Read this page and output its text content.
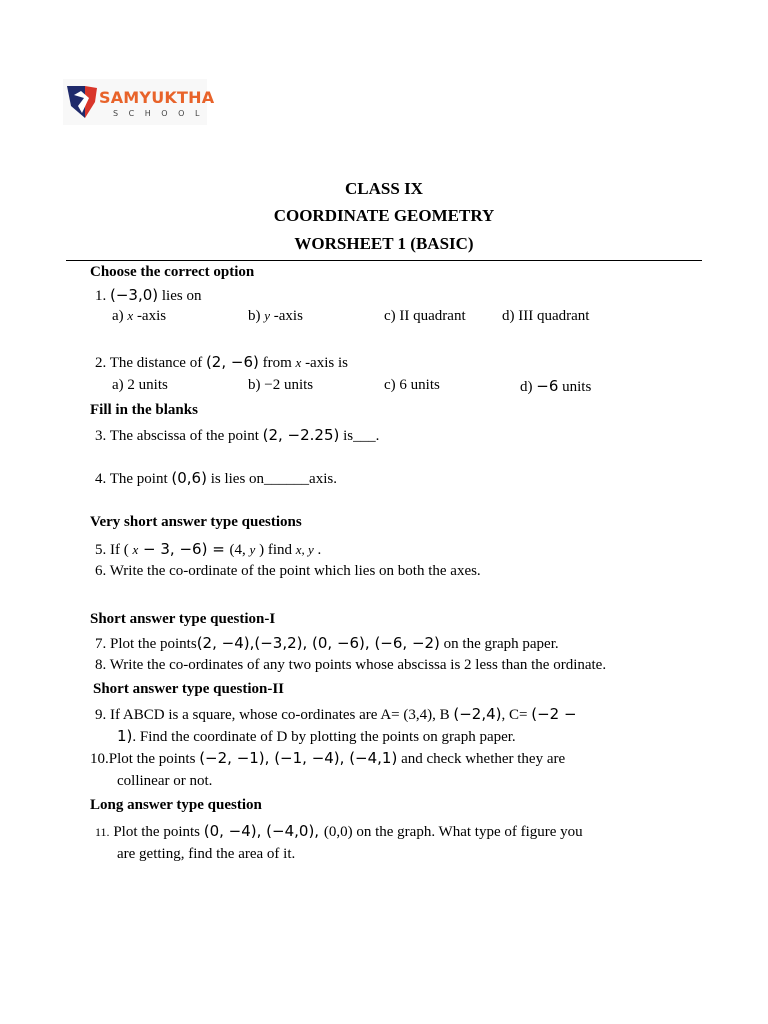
SAMYUKTHA
S C H O O L
CLASS IX
COORDINATE GEOMETRY
WORSHEET 1 (BASIC)
Choose the correct option
1. (−3,0) lies on
a) x -axis	b) y -axis	c) II quadrant d) III quadrant
2. The distance of (2, −6) from x -axis is
a) 2 units	b) −2 units	c) 6 units	d) −6 units
Fill in the blanks
3. The abscissa of the point (2, −2.25) is___.
4. The point (0,6) is lies on______axis.
Very short answer type questions
5. If ( x − 3, −6) = (4, y ) find x, y .
6. Write the co-ordinate of the point which lies on both the axes.
Short answer type question-I
7. Plot the points(2, −4),(−3,2), (0, −6), (−6, −2) on the graph paper.
8. Write the co-ordinates of any two points whose abscissa is 2 less than the ordinate.
Short answer type question-II
9. If ABCD is a square, whose co-ordinates are A= (3,4), B (−2,4), C= (−2 −
1). Find the coordinate of D by plotting the points on graph paper.
10.Plot the points (−2, −1), (−1, −4), (−4,1) and check whether they are
collinear or not.
Long answer type question
11. Plot the points (0, −4), (−4,0), (0,0) on the graph. What type of figure you
are getting, find the area of it.
